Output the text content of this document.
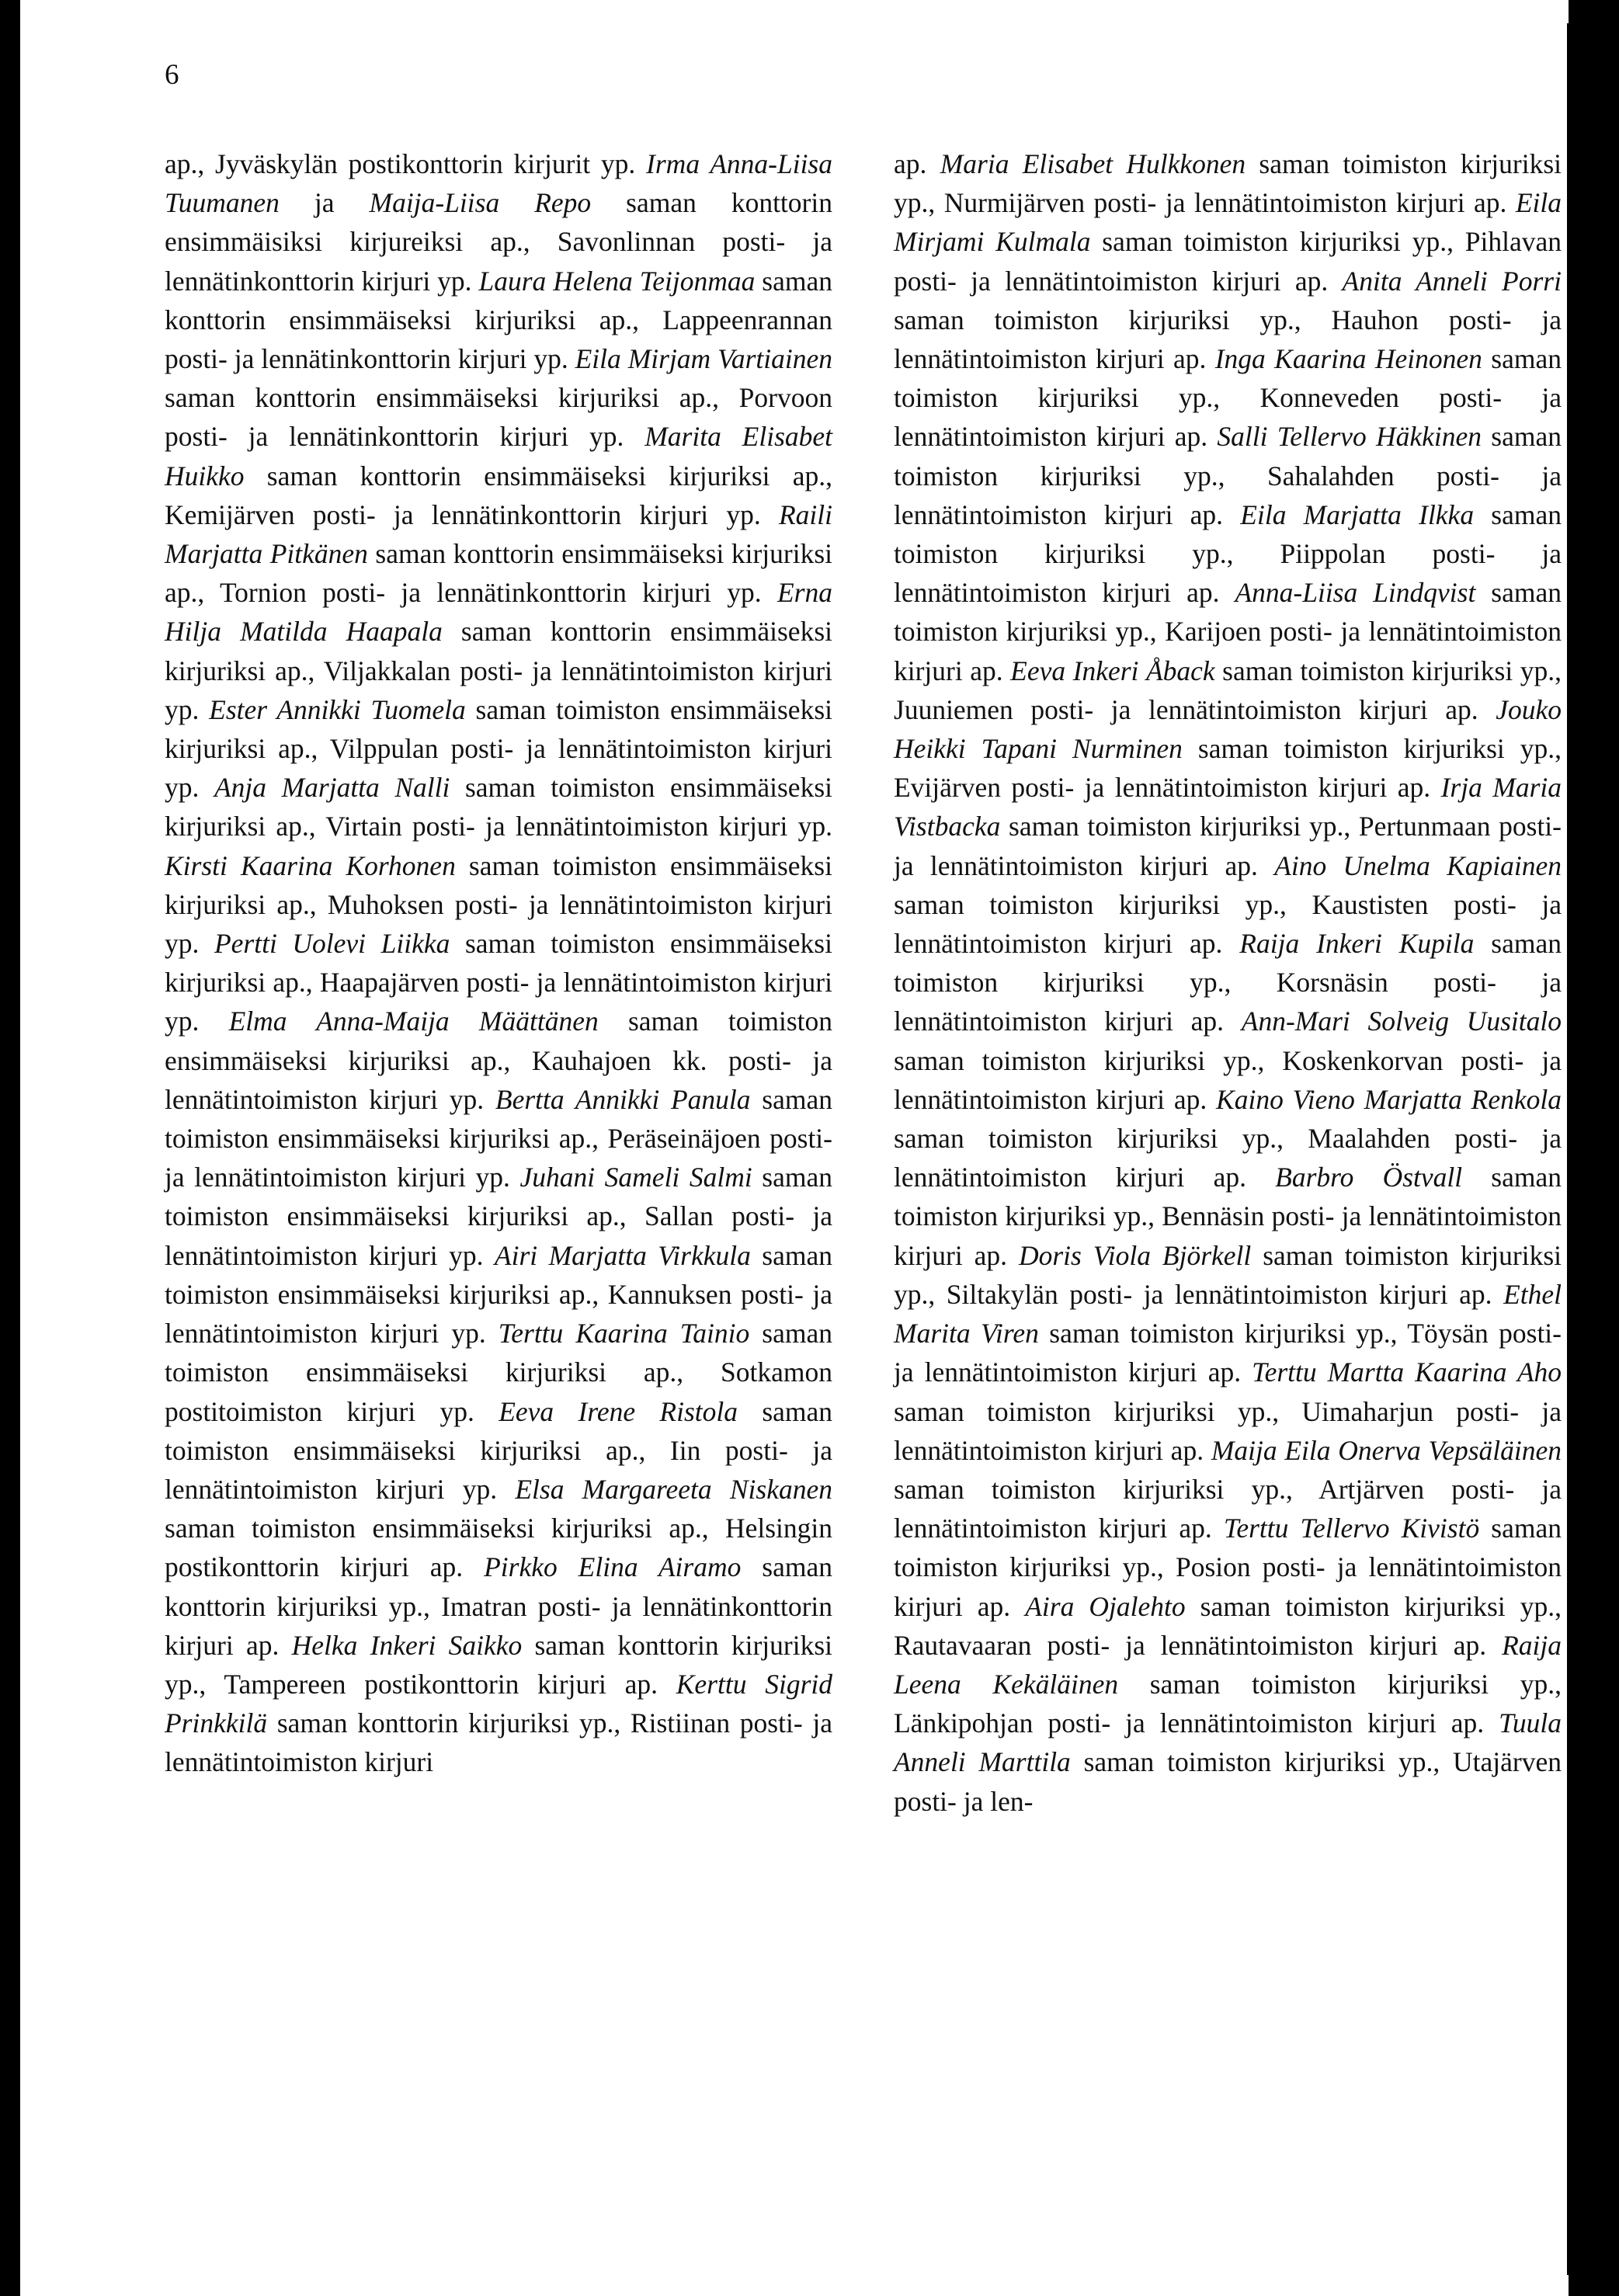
6

ap., Jyväskylän postikonttorin kirjurit yp. Irma Anna-Liisa Tuumanen ja Maija-Liisa Repo saman konttorin ensimmäisiksi kirjureiksi ap., Savonlinnan posti- ja lennätinkonttorin kirjuri yp. Laura Helena Teijonmaa saman konttorin ensimmäiseksi kirjuriksi ap., Lappeenrannan posti- ja lennätinkonttorin kirjuri yp. Eila Mirjam Vartiainen saman konttorin ensimmäiseksi kirjuriksi ap., Porvoon posti- ja lennätinkonttorin kirjuri yp. Marita Elisabet Huikko saman konttorin ensimmäiseksi kirjuriksi ap., Kemijärven posti- ja lennätinkonttorin kirjuri yp. Raili Marjatta Pitkänen saman konttorin ensimmäiseksi kirjuriksi ap., Tornion posti- ja lennätinkonttorin kirjuri yp. Erna Hilja Matilda Haapala saman konttorin ensimmäiseksi kirjuriksi ap., Viljakkalan posti- ja lennätintoimiston kirjuri yp. Ester Annikki Tuomela saman toimiston ensimmäiseksi kirjuriksi ap., Vilppulan posti- ja lennätintoimiston kirjuri yp. Anja Marjatta Nalli saman toimiston ensimmäiseksi kirjuriksi ap., Virtain posti- ja lennätintoimiston kirjuri yp. Kirsti Kaarina Korhonen saman toimiston ensimmäiseksi kirjuriksi ap., Muhoksen posti- ja lennätintoimiston kirjuri yp. Pertti Uolevi Liikka saman toimiston ensimmäiseksi kirjuriksi ap., Haapajärven posti- ja lennätintoimiston kirjuri yp. Elma Anna-Maija Määttänen saman toimiston ensimmäiseksi kirjuriksi ap., Kauhajoen kk. posti- ja lennätintoimiston kirjuri yp. Bertta Annikki Panula saman toimiston ensimmäiseksi kirjuriksi ap., Peräseinäjoen posti- ja lennätintoimiston kirjuri yp. Juhani Sameli Salmi saman toimiston ensimmäiseksi kirjuriksi ap., Sallan posti- ja lennätintoimiston kirjuri yp. Airi Marjatta Virkkula saman toimiston ensimmäiseksi kirjuriksi ap., Kannuksen posti- ja lennätintoimiston kirjuri yp. Terttu Kaarina Tainio saman toimiston ensimmäiseksi kirjuriksi ap., Sotkamon postitoimiston kirjuri yp. Eeva Irene Ristola saman toimiston ensimmäiseksi kirjuriksi ap., Iin posti- ja lennätintoimiston kirjuri yp. Elsa Margareeta Niskanen saman toimiston ensimmäiseksi kirjuriksi ap., Helsingin postikonttorin kirjuri ap. Pirkko Elina Airamo saman konttorin kirjuriksi yp., Imatran posti- ja lennätinkonttorin kirjuri ap. Helka Inkeri Saikko saman konttorin kirjuriksi yp., Tampereen postikonttorin kirjuri ap. Kerttu Sigrid Prinkkilä saman konttorin kirjuriksi yp., Ristiinan posti- ja lennätintoimiston kirjuri

ap. Maria Elisabet Hulkkonen saman toimiston kirjuriksi yp., Nurmijärven posti- ja lennätintoimiston kirjuri ap. Eila Mirjami Kulmala saman toimiston kirjuriksi yp., Pihlavan posti- ja lennätintoimiston kirjuri ap. Anita Anneli Porri saman toimiston kirjuriksi yp., Hauhon posti- ja lennätintoimiston kirjuri ap. Inga Kaarina Heinonen saman toimiston kirjuriksi yp., Konneveden posti- ja lennätintoimiston kirjuri ap. Salli Tellervo Häkkinen saman toimiston kirjuriksi yp., Sahalahden posti- ja lennätintoimiston kirjuri ap. Eila Marjatta Ilkka saman toimiston kirjuriksi yp., Piippolan posti- ja lennätintoimiston kirjuri ap. Anna-Liisa Lindqvist saman toimiston kirjuriksi yp., Karijoen posti- ja lennätintoimiston kirjuri ap. Eeva Inkeri Åback saman toimiston kirjuriksi yp., Juuniemen posti- ja lennätintoimiston kirjuri ap. Jouko Heikki Tapani Nurminen saman toimiston kirjuriksi yp., Evijärven posti- ja lennätintoimiston kirjuri ap. Irja Maria Vistbacka saman toimiston kirjuriksi yp., Pertunmaan posti- ja lennätintoimiston kirjuri ap. Aino Unelma Kapiainen saman toimiston kirjuriksi yp., Kaustisten posti- ja lennätintoimiston kirjuri ap. Raija Inkeri Kupila saman toimiston kirjuriksi yp., Korsnäsin posti- ja lennätintoimiston kirjuri ap. Ann-Mari Solveig Uusitalo saman toimiston kirjuriksi yp., Koskenkorvan posti- ja lennätintoimiston kirjuri ap. Kaino Vieno Marjatta Renkola saman toimiston kirjuriksi yp., Maalahden posti- ja lennätintoimiston kirjuri ap. Barbro Östvall saman toimiston kirjuriksi yp., Bennäsin posti- ja lennätintoimiston kirjuri ap. Doris Viola Björkell saman toimiston kirjuriksi yp., Siltakylän posti- ja lennätintoimiston kirjuri ap. Ethel Marita Viren saman toimiston kirjuriksi yp., Töysän posti- ja lennätintoimiston kirjuri ap. Terttu Martta Kaarina Aho saman toimiston kirjuriksi yp., Uimaharjun posti- ja lennätintoimiston kirjuri ap. Maija Eila Onerva Vepsäläinen saman toimiston kirjuriksi yp., Artjärven posti- ja lennätintoimiston kirjuri ap. Terttu Tellervo Kivistö saman toimiston kirjuriksi yp., Posion posti- ja lennätintoimiston kirjuri ap. Aira Ojalehto saman toimiston kirjuriksi yp., Rautavaaran posti- ja lennätintoimiston kirjuri ap. Raija Leena Kekäläinen saman toimiston kirjuriksi yp., Länkipohjan posti- ja lennätintoimiston kirjuri ap. Tuula Anneli Marttila saman toimiston kirjuriksi yp., Utajärven posti- ja len-
